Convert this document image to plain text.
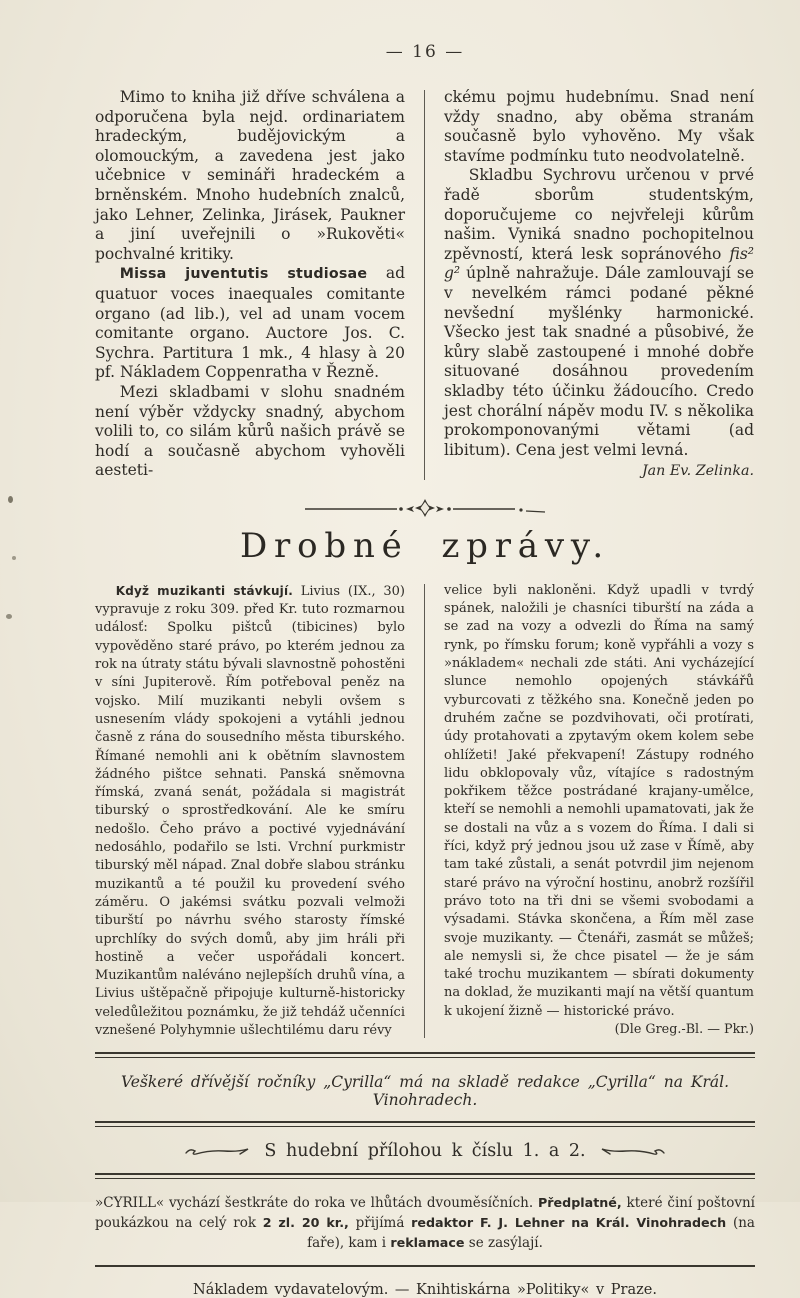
— 16 —

Mimo to kniha již dříve schválena a odporučena byla nejd. ordinariatem hradeckým, budějovickým a olomouckým, a zavedena jest jako učebnice v semináři hradeckém a brněnském. Mnoho hudebních znalců, jako Lehner, Zelinka, Jirásek, Paukner a jiní uveřejnili o »Rukověti« pochvalné kritiky.

Missa juventutis studiosae ad quatuor voces inaequales comitante organo (ad lib.), vel ad unam vocem comitante organo. Auctore Jos. C. Sychra. Partitura 1 mk., 4 hlasy à 20 pf. Nákladem Coppenratha v Řezně.

Mezi skladbami v slohu snadném není výběr vždycky snadný, abychom volili to, co silám kůrů našich právě se hodí a současně abychom vyhověli aesteti-

ckému pojmu hudebnímu. Snad není vždy snadno, aby oběma stranám současně bylo vyhověno. My však stavíme podmínku tuto neodvolatelně.

Skladbu Sychrovu určenou v prvé řadě sborům studentským, doporučujeme co nejvřeleji kůrům našim. Vyniká snadno pochopitelnou zpěvností, která lesk sopránového fis² g² úplně nahražuje. Dále zamlouvají se v nevelkém rámci podané pěkné nevšední myšlénky harmonické. Všecko jest tak snadné a působivé, že kůry slabě zastoupené i mnohé dobře situované dosáhnou provedením skladby této účinku žádoucího. Credo jest chorální nápěv modu IV. s několika prokomponovanými větami (ad libitum). Cena jest velmi levná.
Jan Ev. Zelinka.

Drobné zprávy.

Když muzikanti stávkují. Livius (IX., 30) vypravuje z roku 309. před Kr. tuto rozmarnou událosť: Spolku pištců (tibicines) bylo vypověděno staré právo, po kterém jednou za rok na útraty státu bývali slavnostně pohostěni v síni Jupiterově. Řím potřeboval peněz na vojsko. Milí muzikanti nebyli ovšem s usnesením vlády spokojeni a vytáhli jednou časně z rána do sousedního města tiburského. Římané nemohli ani k obětním slavnostem žádného pištce sehnati. Panská sněmovna římská, zvaná senát, požádala si magistrát tiburský o sprostředkování. Ale ke smíru nedošlo. Čeho právo a poctivé vyjednávání nedosáhlo, podařilo se lsti. Vrchní purkmistr tiburský měl nápad. Znal dobře slabou stránku muzikantů a té použil ku provedení svého záměru. O jakémsi svátku pozvali velmoži tiburští po návrhu svého starosty římské uprchlíky do svých domů, aby jim hráli při hostině a večer uspořádali koncert. Muzikantům naléváno nejlepších druhů vína, a Livius uštěpačně připojuje kulturně-historicky veledůležitou poznámku, že již tehdáž učenníci vznešené Polyhymnie ušlechtilému daru révy

velice byli nakloněni. Když upadli v tvrdý spánek, naložili je chasníci tiburští na záda a se zad na vozy a odvezli do Říma na samý rynk, po římsku forum; koně vypřáhli a vozy s »nákladem« nechali zde státi. Ani vycházející slunce nemohlo opojených stávkářů vyburcovati z těžkého sna. Konečně jeden po druhém začne se pozdvihovati, oči protírati, údy protahovati a zpytavým okem kolem sebe ohlížeti! Jaké překvapení! Zástupy rodného lidu obklopovaly vůz, vítajíce s radostným pokřikem těžce postrádané krajany-umělce, kteří se nemohli a nemohli upamatovati, jak že se dostali na vůz a s vozem do Říma. I dali si říci, když prý jednou jsou už zase v Římě, aby tam také zůstali, a senát potvrdil jim nejenom staré právo na výroční hostinu, anobrž rozšířil právo toto na tři dni se všemi svobodami a výsadami. Stávka skončena, a Řím měl zase svoje muzikanty. — Čtenáři, zasmát se můžeš; ale nemysli si, že chce pisatel — že je sám také trochu muzikantem — sbírati dokumenty na doklad, že muzikanti mají na větší quantum k ukojení žizně — historické právo.
(Dle Greg.-Bl. — Pkr.)

Veškeré dřívější ročníky „Cyrilla“ má na skladě redakce „Cyrilla“ na Král. Vinohradech.
S hudební přílohou k číslu 1. a 2.

»CYRILL« vychází šestkráte do roka ve lhůtách dvouměsíčních. Předplatné, které činí poštovní poukázkou na celý rok 2 zl. 20 kr., přijímá redaktor F. J. Lehner na Král. Vinohradech (na faře), kam i reklamace se zasýlají.

Nákladem vydavatelovým. — Knihtiskárna »Politiky« v Praze.
